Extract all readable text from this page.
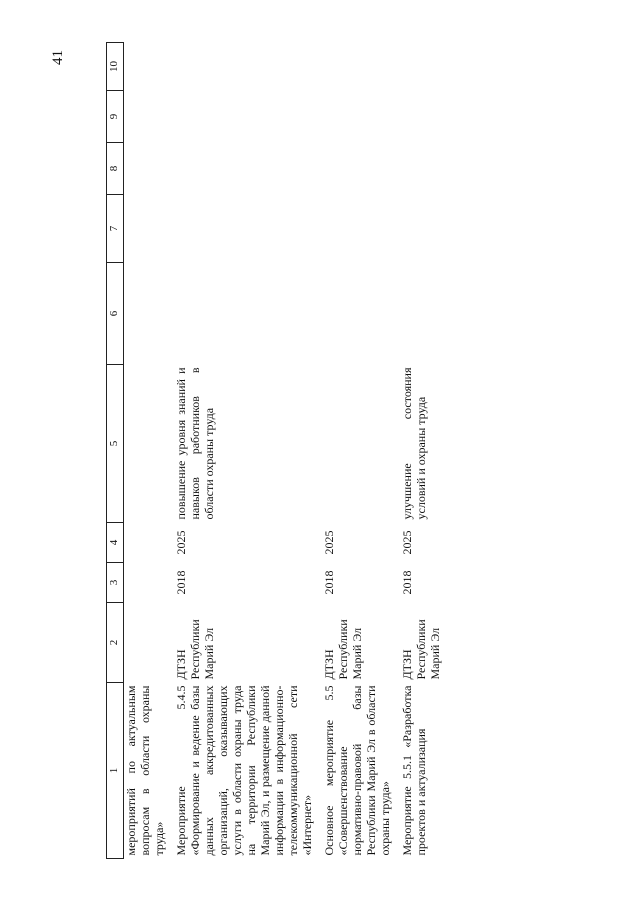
41
1	2	3	4	5	6	7	8	9	10
мероприятий по актуальным вопросам в области охраны труда»									
Мероприятие 5.4.5 «Формирование и ведение базы данных аккредитованных организаций, оказывающих услуги в области охраны труда на территории Республики Марий Эл, и размещение данной информации в информационно-телекоммуникационной сети «Интернет»	ДТЗН Республики Марий Эл	2018	2025	повышение уровня знаний и навыков работников в области охраны труда					
Основное мероприятие 5.5 «Совершенствование нормативно-правовой базы Республики Марий Эл в области охраны труда»	ДТЗН Республики Марий Эл	2018	2025						
Мероприятие 5.5.1 «Разработка проектов и актуализация	ДТЗН Республики Марий Эл	2018	2025	улучшение состояния условий и охраны труда					
